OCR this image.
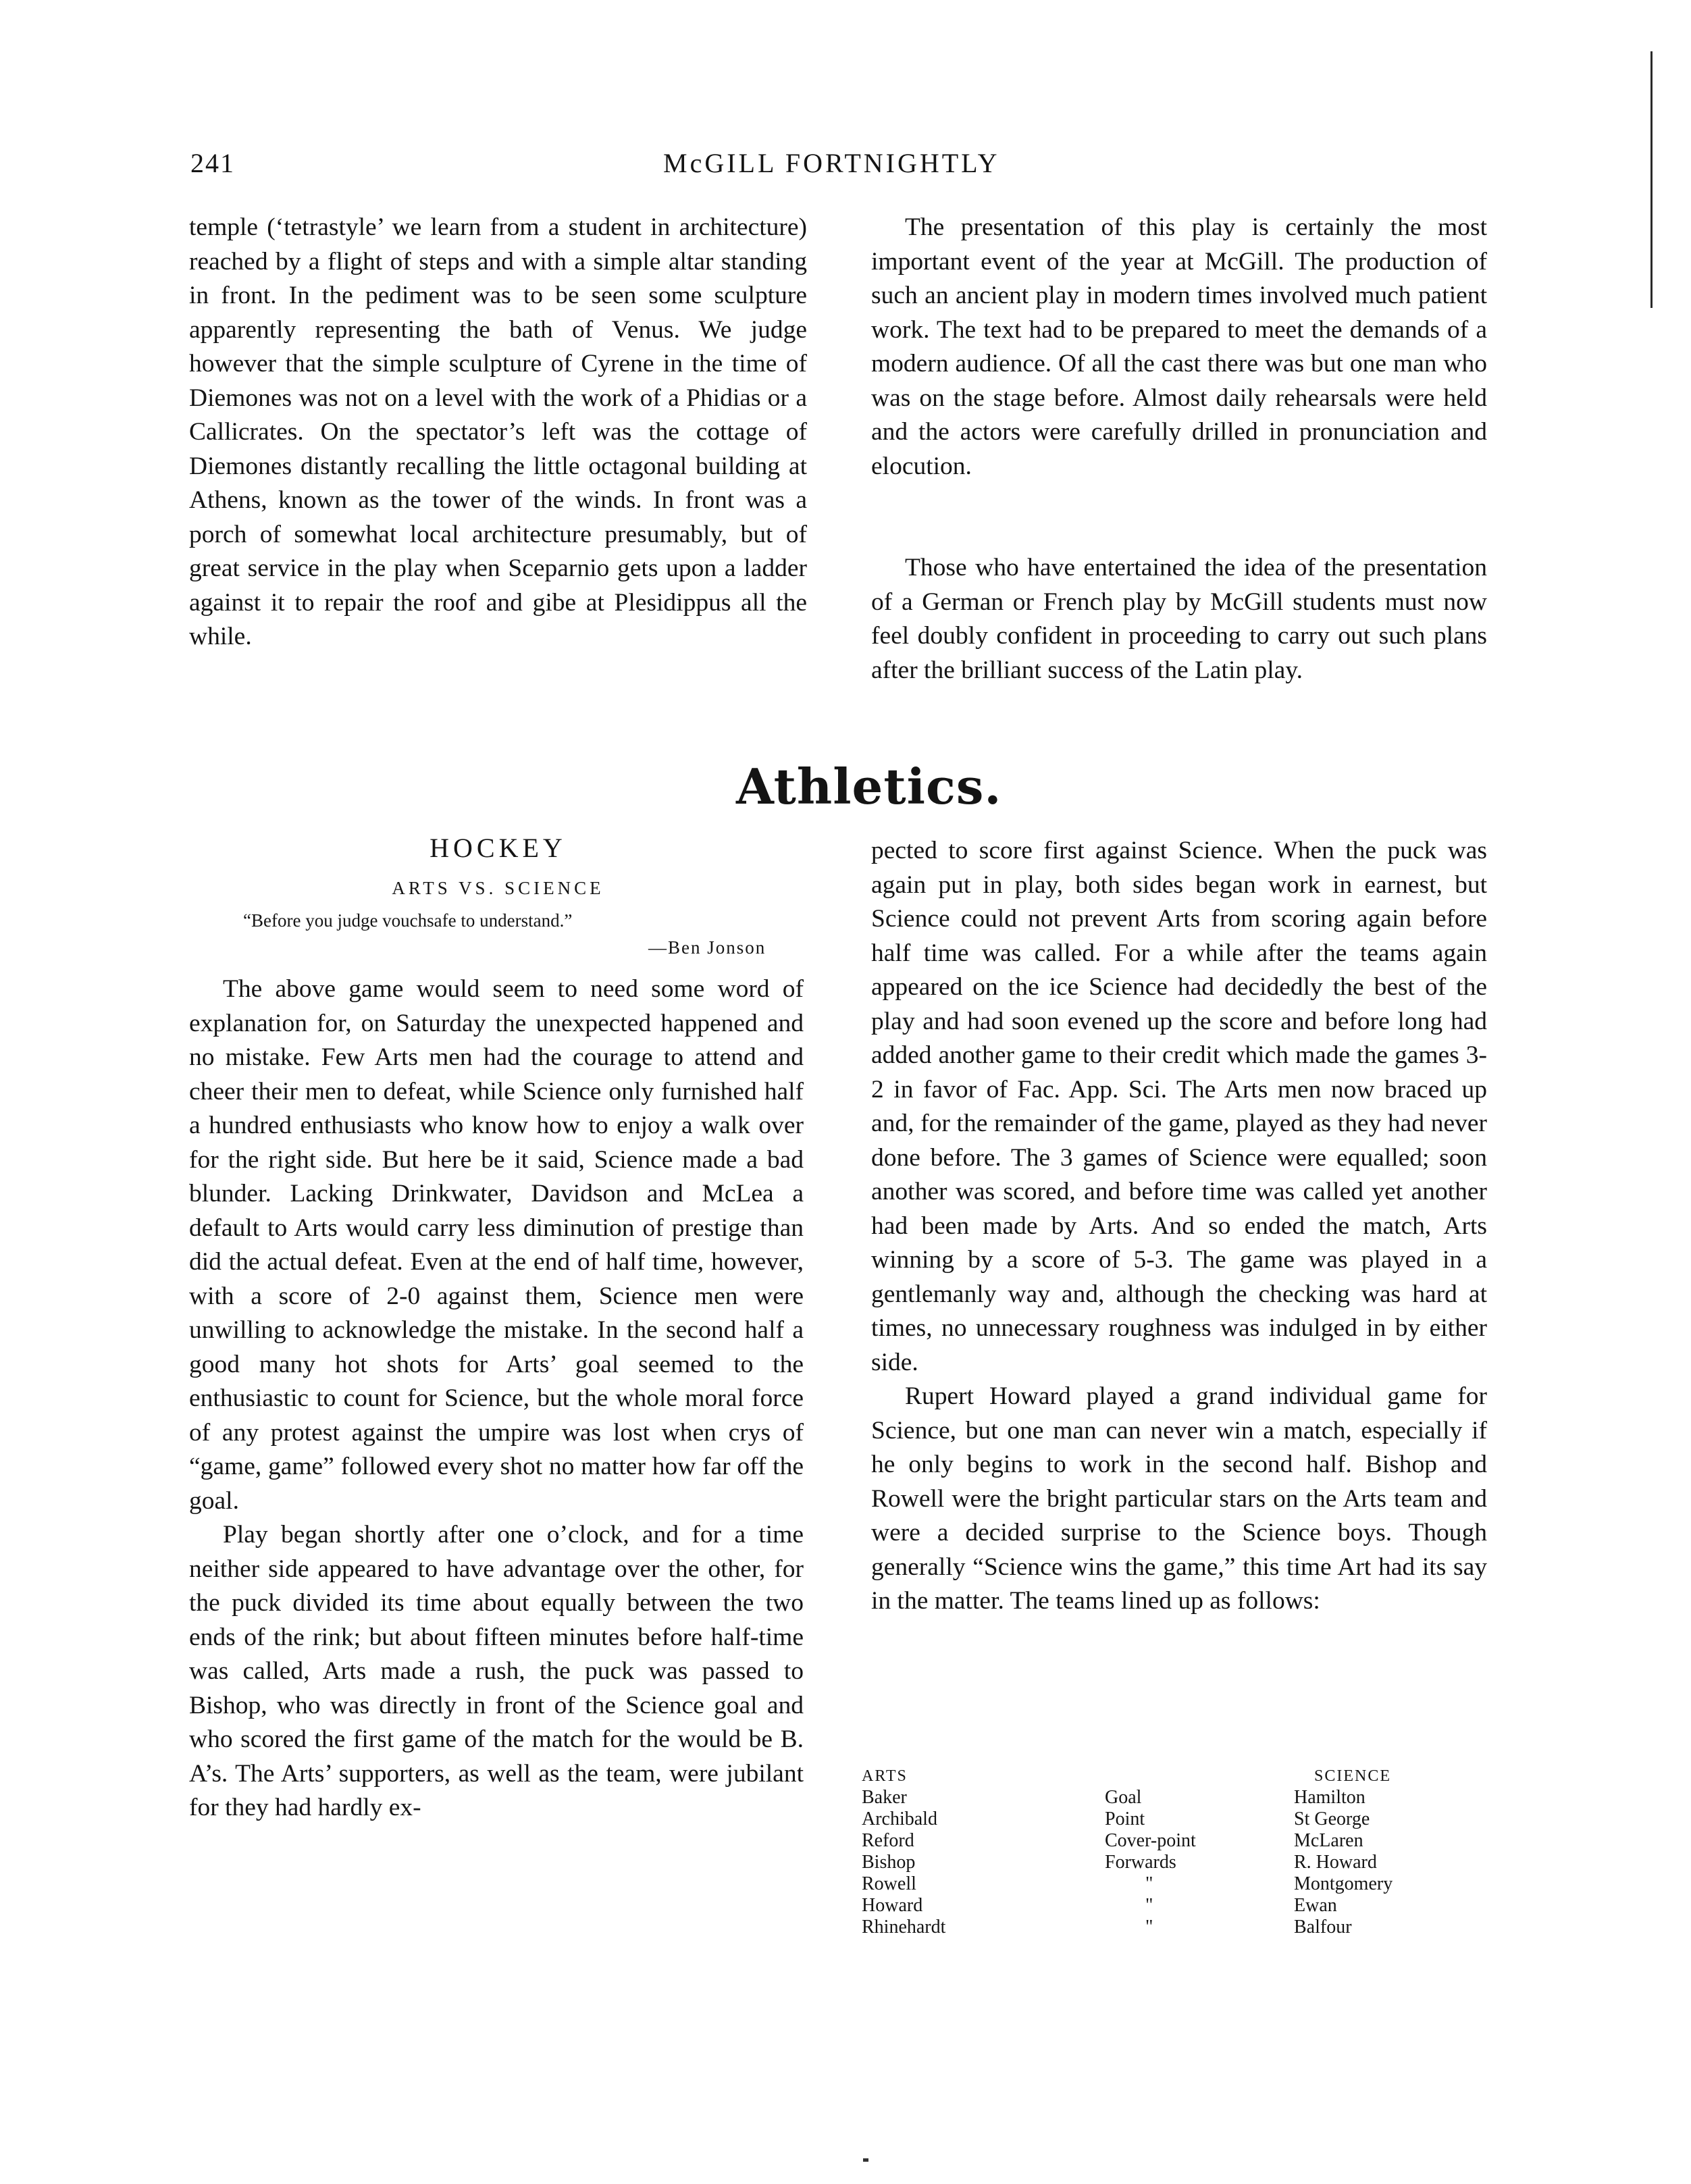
241	McGILL FORTNIGHTLY

temple (‘tetrastyle’ we learn from a student in architecture) reached by a flight of steps and with a simple altar standing in front. In the pediment was to be seen some sculpture apparently representing the bath of Venus. We judge however that the simple sculpture of Cyrene in the time of Diemones was not on a level with the work of a Phidias or a Callicrates. On the spectator’s left was the cottage of Diemones distantly recalling the little octagonal building at Athens, known as the tower of the winds. In front was a porch of somewhat local architecture presumably, but of great service in the play when Sceparnio gets upon a ladder against it to repair the roof and gibe at Plesidippus all the while.

The presentation of this play is certainly the most important event of the year at McGill. The production of such an ancient play in modern times involved much patient work. The text had to be prepared to meet the demands of a modern audience. Of all the cast there was but one man who was on the stage before. Almost daily rehearsals were held and the actors were carefully drilled in pronunciation and elocution.

Those who have entertained the idea of the presentation of a German or French play by McGill students must now feel doubly confident in proceeding to carry out such plans after the brilliant success of the Latin play.

Athletics.
HOCKEY
ARTS VS. SCIENCE
“Before you judge vouchsafe to understand.”
—Ben Jonson

The above game would seem to need some word of explanation for, on Saturday the unexpected happened and no mistake. Few Arts men had the courage to attend and cheer their men to defeat, while Science only furnished half a hundred enthusiasts who know how to enjoy a walk over for the right side. But here be it said, Science made a bad blunder. Lacking Drinkwater, Davidson and McLea a default to Arts would carry less diminution of prestige than did the actual defeat. Even at the end of half time, however, with a score of 2-0 against them, Science men were unwilling to acknowledge the mistake. In the second half a good many hot shots for Arts’ goal seemed to the enthusiastic to count for Science, but the whole moral force of any protest against the umpire was lost when crys of “game, game” followed every shot no matter how far off the goal.

Play began shortly after one o’clock, and for a time neither side appeared to have advantage over the other, for the puck divided its time about equally between the two ends of the rink; but about fifteen minutes before half-time was called, Arts made a rush, the puck was passed to Bishop, who was directly in front of the Science goal and who scored the first game of the match for the would be B. A’s. The Arts’ supporters, as well as the team, were jubilant for they had hardly ex-

pected to score first against Science. When the puck was again put in play, both sides began work in earnest, but Science could not prevent Arts from scoring again before half time was called. For a while after the teams again appeared on the ice Science had decidedly the best of the play and had soon evened up the score and before long had added another game to their credit which made the games 3-2 in favor of Fac. App. Sci. The Arts men now braced up and, for the remainder of the game, played as they had never done before. The 3 games of Science were equalled; soon another was scored, and before time was called yet another had been made by Arts. And so ended the match, Arts winning by a score of 5-3. The game was played in a gentlemanly way and, although the checking was hard at times, no unnecessary roughness was indulged in by either side.

Rupert Howard played a grand individual game for Science, but one man can never win a match, especially if he only begins to work in the second half. Bishop and Rowell were the bright particular stars on the Arts team and were a decided surprise to the Science boys. Though generally “Science wins the game,” this time Art had its say in the matter. The teams lined up as follows:

ARTS
Baker
Archibald
Reford
Bishop
Rowell
Howard
Rhinehardt

Goal
Point
Cover-point
Forwards
"
"
"
SCIENCE
Hamilton
St George
McLaren
R. Howard
Montgomery
Ewan
Balfour
